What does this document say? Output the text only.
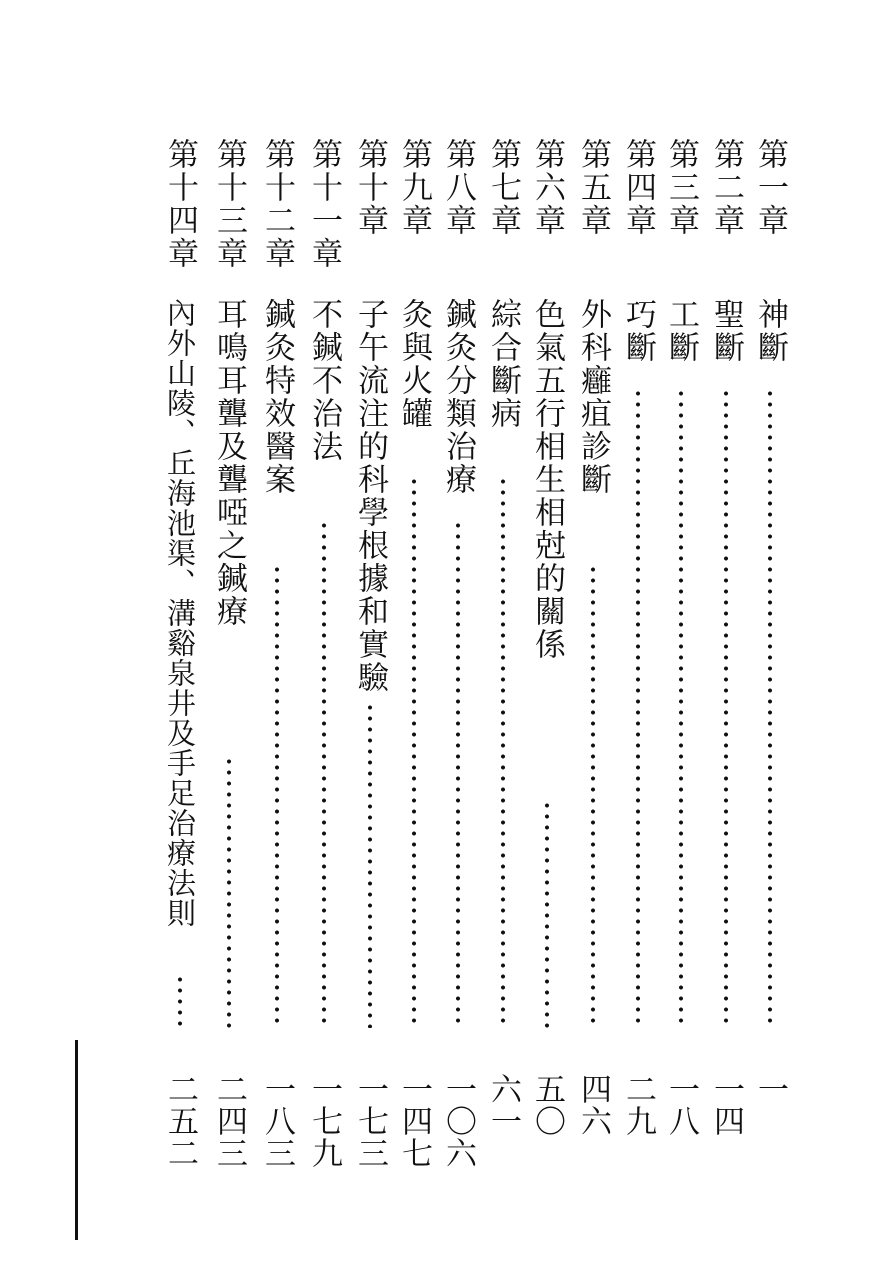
第一章
神斷
一
第二章
聖斷
一四
第三章
工斷
一八
第四章
巧斷
二九
第五章
外科癰疽診斷
四六
第六章
色氣五行相生相尅的關係
五〇
第七章
綜合斷病
六一
第八章
鍼灸分類治療
一〇六
第九章
灸與火罐
一四七
第十章
子午流注的科學根據和實驗
一七三
第十一章
不鍼不治法
一七九
第十二章
鍼灸特效醫案
一八三
第十三章
耳鳴耳聾及聾啞之鍼療
二四三
第十四章
內外山陵、丘海池渠、溝谿泉井及手足治療法則
二五二
